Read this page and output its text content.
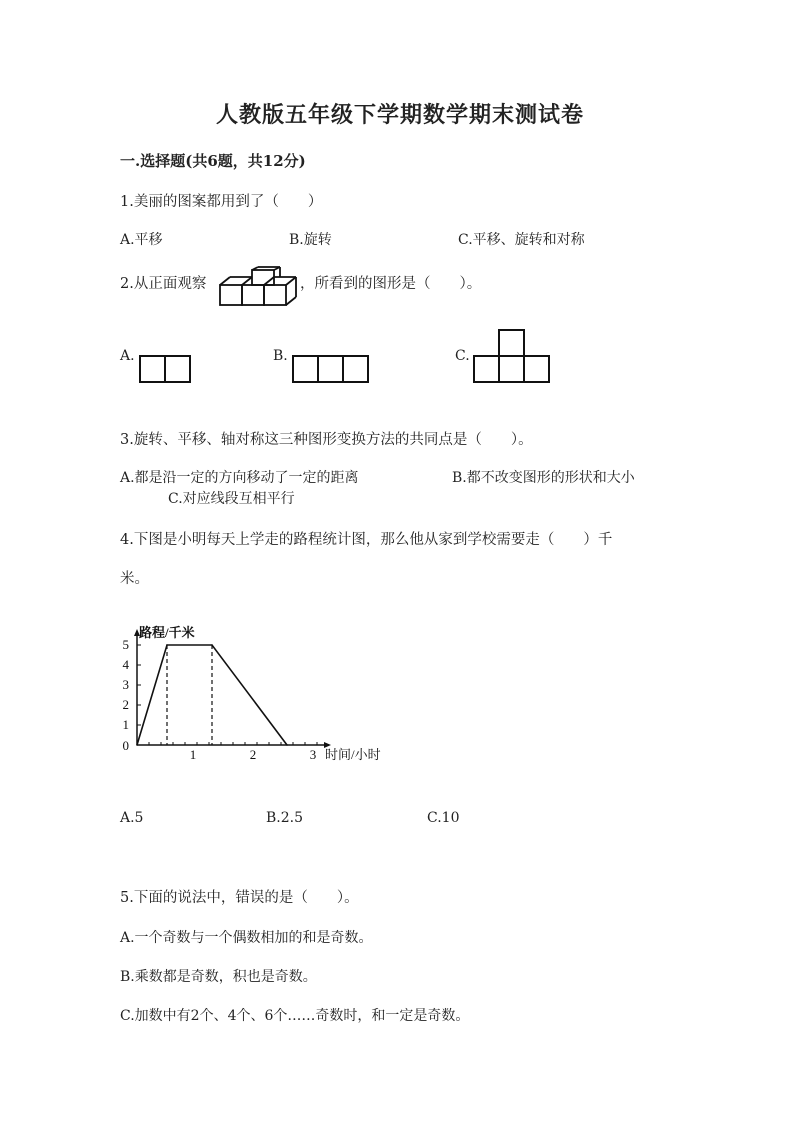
人教版五年级下学期数学期末测试卷
一.选择题(共6题，共12分)
1.美丽的图案都用到了（　　）
A.平移	B.旋转	C.平移、旋转和对称
2.从正面观察	，所看到的图形是（　　）。
A.	B.	C.
3.旋转、平移、轴对称这三种图形变换方法的共同点是（　　）。
A.都是沿一定的方向移动了一定的距离	B.都不改变图形的形状和大小
C.对应线段互相平行
4.下图是小明每天上学走的路程统计图，那么他从家到学校需要走（　　）千
米。
1
2
3
4
5
0
1	2	3
路程/千米
时间/小时
A.5	B.2.5	C.10
5.下面的说法中，错误的是（　　）。
A.一个奇数与一个偶数相加的和是奇数。
B.乘数都是奇数，积也是奇数。
C.加数中有2个、4个、6个……奇数时，和一定是奇数。
